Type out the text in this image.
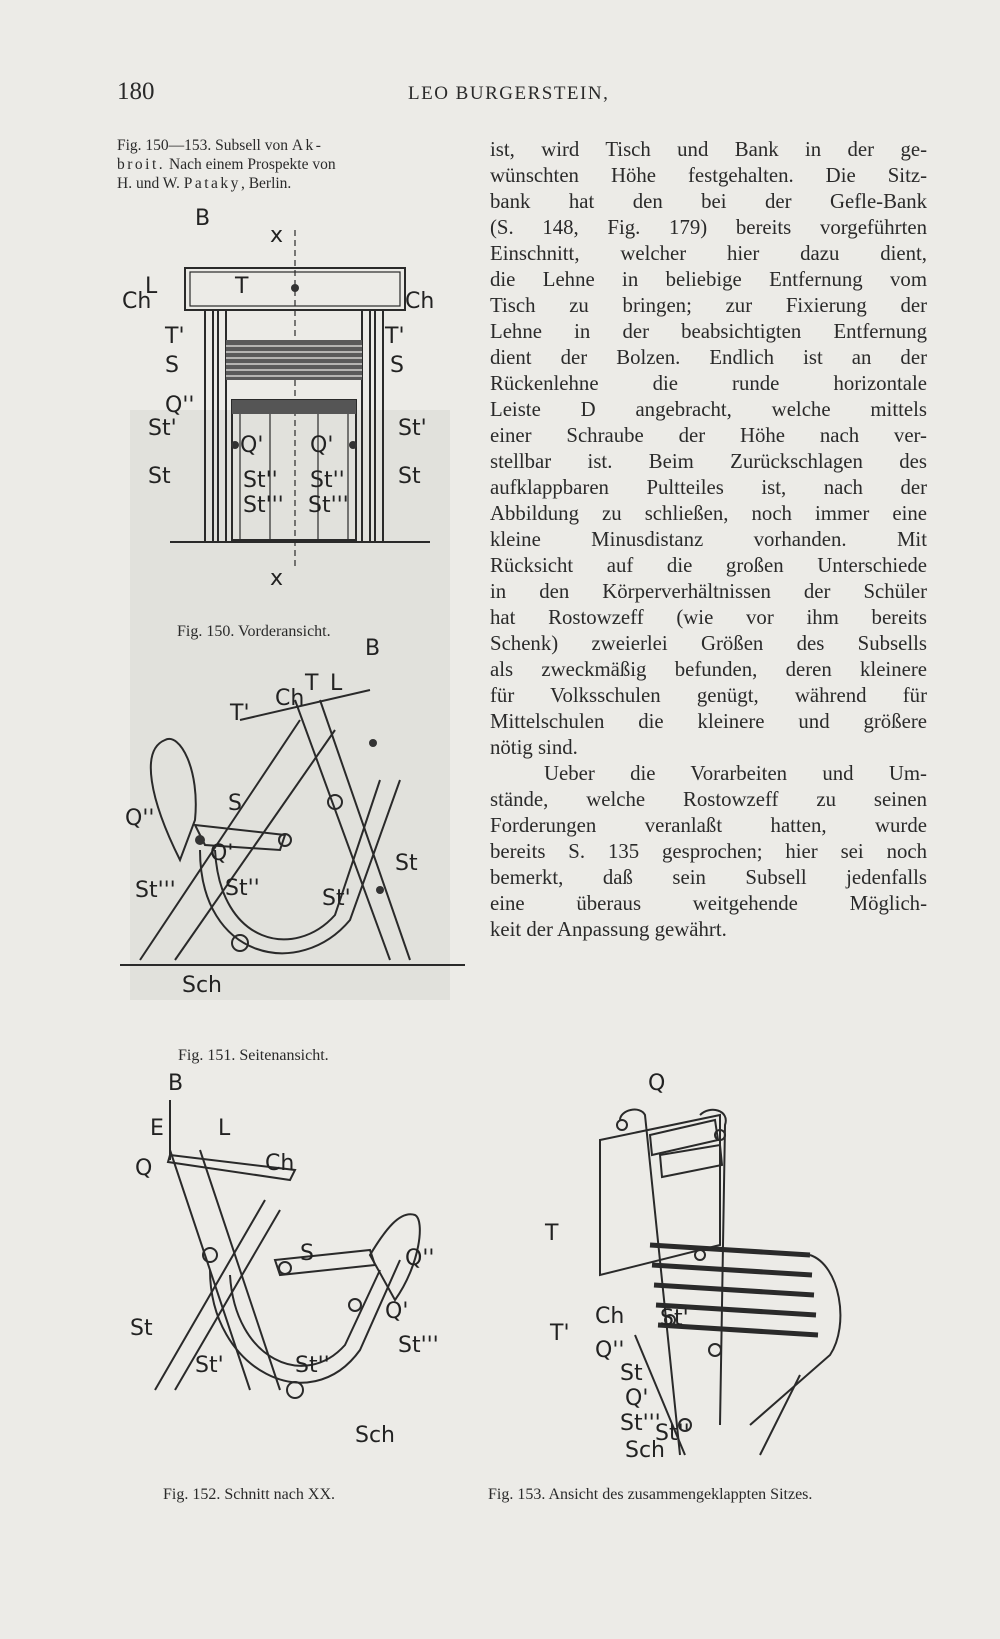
180	LEO BURGERSTEIN,
Fig. 150—153. Subsell von Ak-
broit. Nach einem Prospekte von
H. und W. Pataky, Berlin.
ist, wird Tisch und Bank in der ge-
wünschten Höhe festgehalten. Die Sitz-
bank hat den bei der Gefle-Bank
(S. 148, Fig. 179) bereits vorgeführten
Einschnitt, welcher hier dazu dient,
die Lehne in beliebige Entfernung vom
Tisch zu bringen; zur Fixierung der
Lehne in der beabsichtigten Entfernung
dient der Bolzen. Endlich ist an der
Rückenlehne die runde horizontale
Leiste D angebracht, welche mittels
einer Schraube der Höhe nach ver-
stellbar ist. Beim Zurückschlagen des
aufklappbaren Pultteiles ist, nach der
Abbildung zu schließen, noch immer eine
kleine Minusdistanz vorhanden. Mit
Rücksicht auf die großen Unterschiede
in den Körperverhältnissen der Schüler
hat Rostowzeff (wie vor ihm bereits
Schenk) zweierlei Größen des Subsells
als zweckmäßig befunden, deren kleinere
für Volksschulen genügt, während für
Mittelschulen die kleinere und größere
nötig sind.
Ueber die Vorarbeiten und Um-
stände, welche Rostowzeff zu seinen
Forderungen veranlaßt hatten, wurde
bereits S. 135 gesprochen; hier sei noch
bemerkt, daß sein Subsell jedenfalls
eine überaus weitgehende Möglich-
keit der Anpassung gewährt.
B
x
x
L	T
Ch	Ch
T'	T'
S	S
Q''
St'	St'
Q' Q'
St	St
St'' St''
St''' St'''
Fig. 150. Vorderansicht.
B
T'
Ch
T L
Q''
S
Q'
St''' St''	St'
St
Sch
Fig. 151. Seitenansicht.
B
E L
Q	Ch
S	Q''
Q'
St
St'	St''
St'''
Sch
Fig. 152. Schnitt nach XX.
Q
T
T'
Ch St'
Q''
St
Q'
St'''
St''
Sch
Fig. 153. Ansicht des zusammengeklappten Sitzes.
